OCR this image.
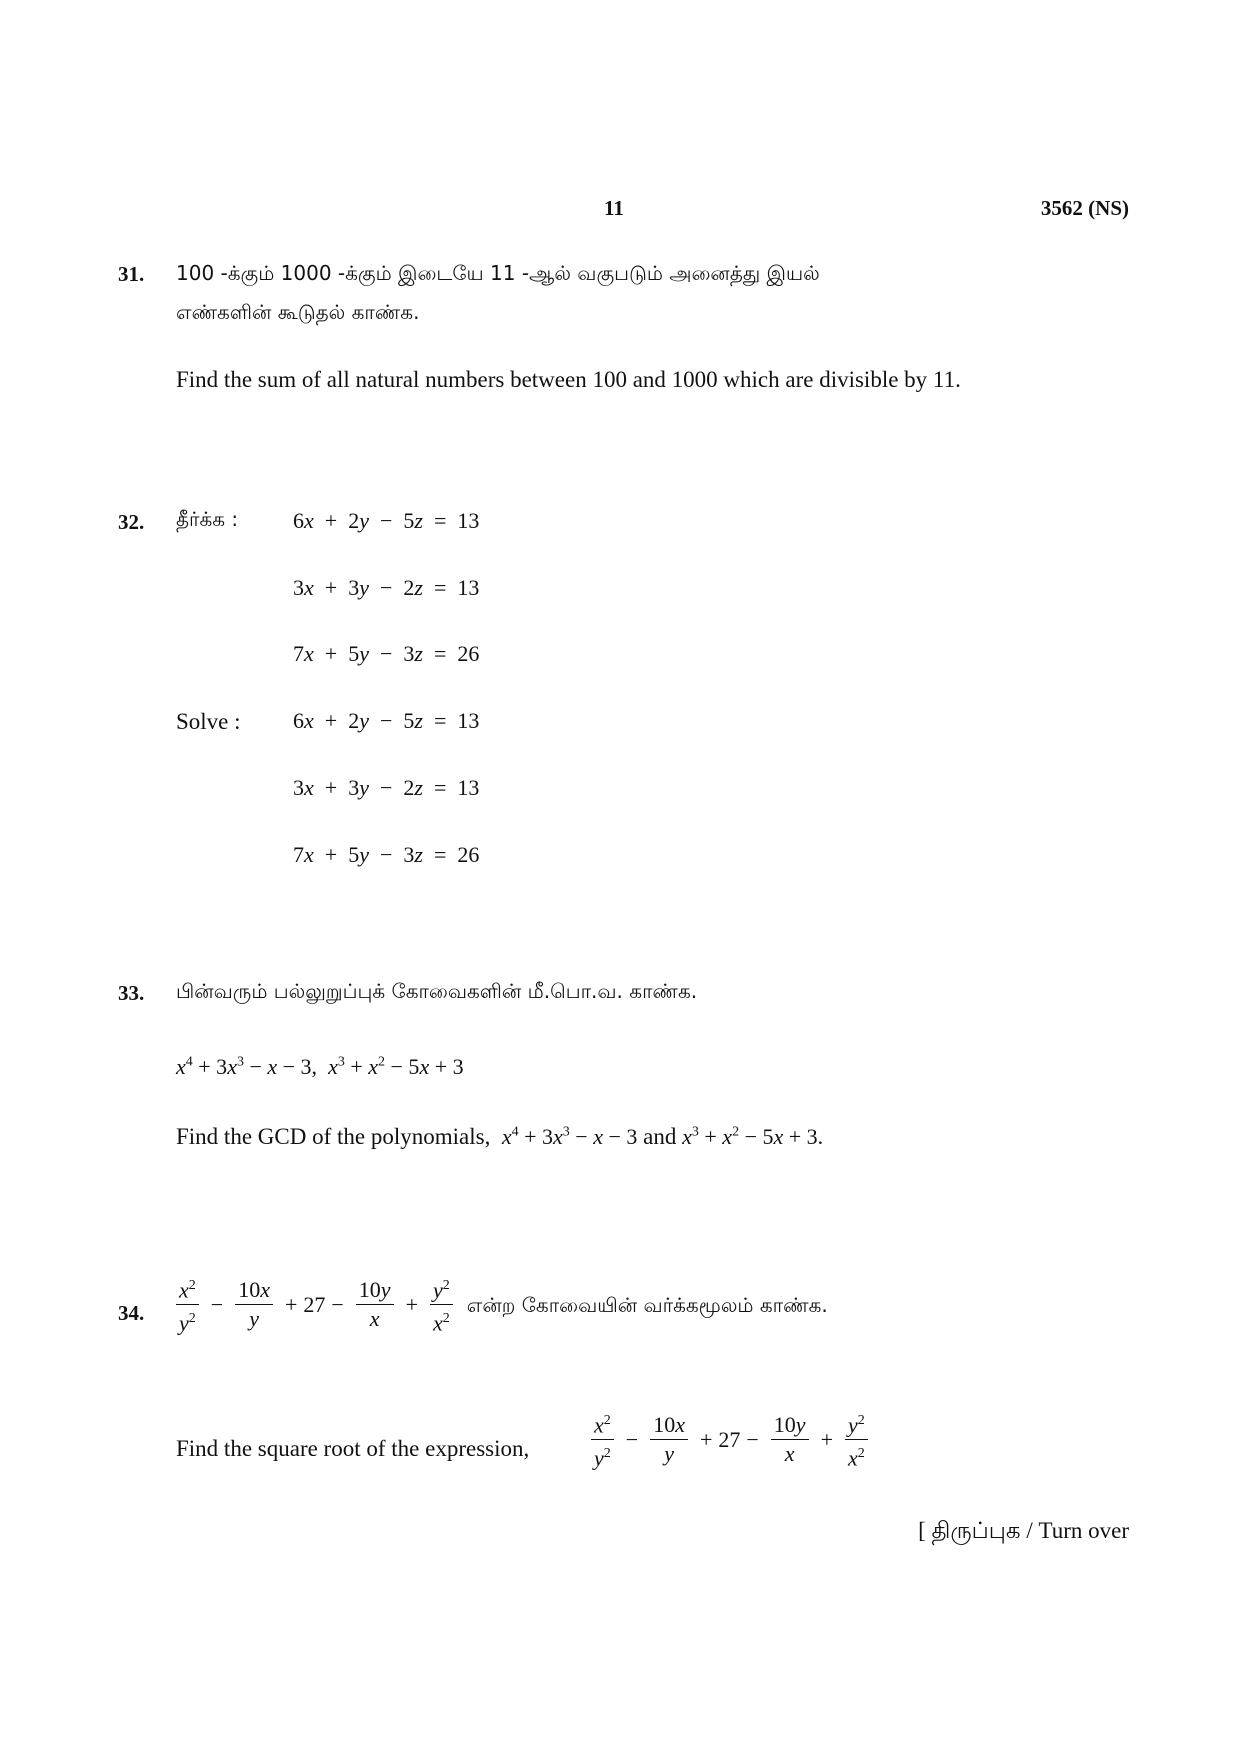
11	3562 (NS)
31. 100 -க்கும் 1000 -க்கும் இடையே 11 -ஆல் வகுபடும் அனைத்து இயல்
எண்களின் கூடுதல் காண்க.
Find the sum of all natural numbers between 100 and 1000 which are divisible by 11.
32. தீர்க்க :
Solve :
6x  +  2y  −  5z  =  13
3x  +  3y  −  2z  =  13
7x  +  5y  −  3z  =  26
6x  +  2y  −  5z  =  13
3x  +  3y  −  2z  =  13
7x  +  5y  −  3z  =  26
33. பின்வரும் பல்லுறுப்புக் கோவைகளின் மீ.பொ.வ. காண்க.
$x^4 + 3x^3 - x - 3$,  $x^3 + x^2 - 5x + 3$
Find the GCD of the polynomials, $x^4 + 3x^3 - x - 3$ and $x^3 + x^2 - 5x + 3$.
34. $\frac{x^2}{y^2} - \frac{10x}{y} + 27 - \frac{10y}{x} + \frac{y^2}{x^2}$ என்ற கோவையின் வர்க்கமூலம் காண்க.
Find the square root of the expression,	$\frac{x^2}{y^2} - \frac{10x}{y} + 27 - \frac{10y}{x} + \frac{y^2}{x^2}$
[ திருப்புக / Turn over
